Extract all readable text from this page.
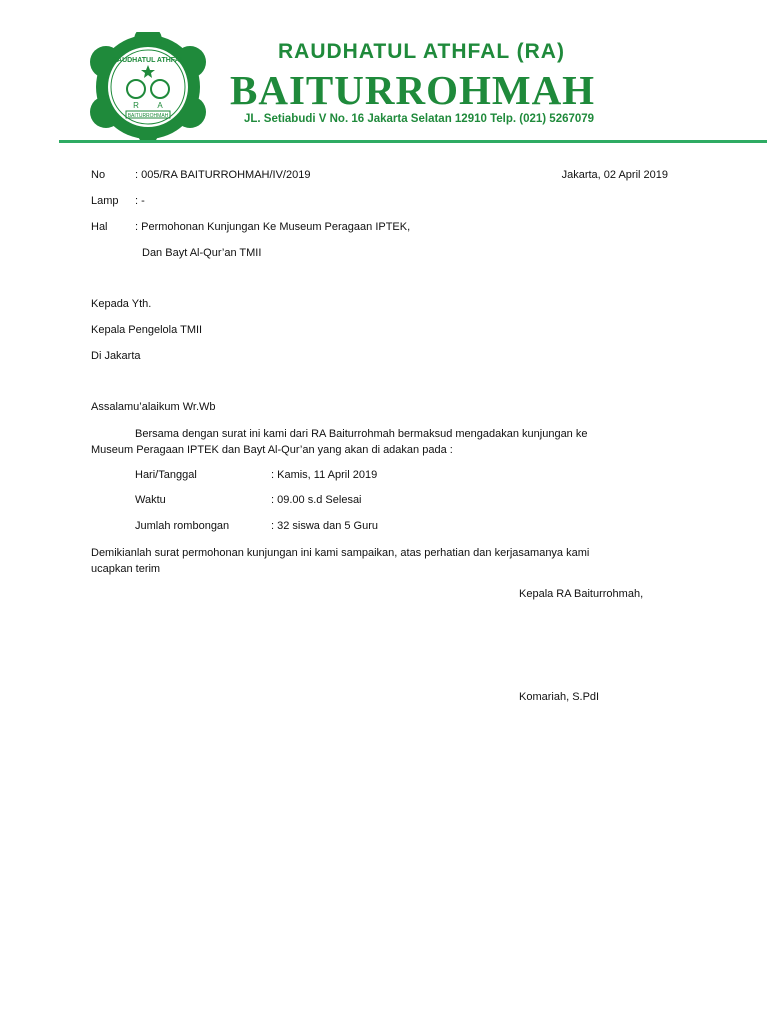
RAUDHATUL ATHFAL
R A
BAITURROHMAH
RAUDHATUL ATHFAL (RA)
BAITURROHMAH
JL. Setiabudi V No. 16 Jakarta Selatan 12910 Telp. (021) 5267079
No	: 005/RA BAITURROHMAH/IV/2019	Jakarta, 02 April 2019
Lamp : -
Hal : Permohonan Kunjungan Ke Museum Peragaan IPTEK,
Dan Bayt Al-Qur’an TMII
Kepada Yth.
Kepala Pengelola TMII
Di Jakarta
Assalamu’alaikum Wr.Wb
Bersama dengan surat ini kami dari RA Baiturrohmah bermaksud mengadakan kunjungan ke
Museum Peragaan IPTEK dan Bayt Al-Qur’an yang akan di adakan pada :
Hari/Tanggal	: Kamis, 11 April 2019
Waktu	: 09.00 s.d Selesai
Jumlah rombongan	: 32 siswa dan 5 Guru
Demikianlah surat permohonan kunjungan ini kami sampaikan, atas perhatian dan kerjasamanya kami
ucapkan terim
Kepala RA Baiturrohmah,
Komariah, S.PdI
